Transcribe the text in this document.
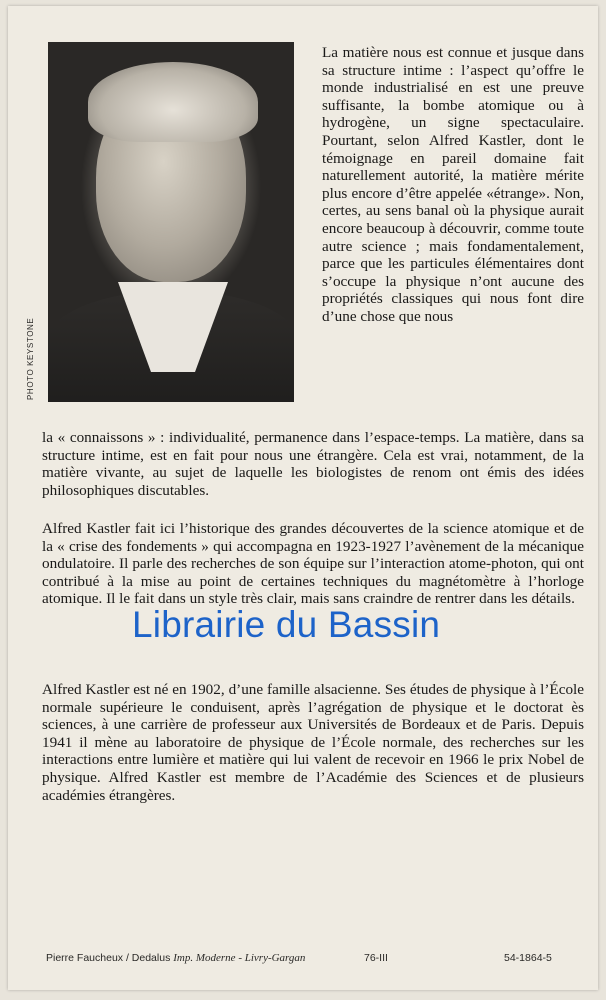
PHOTO KEYSTONE

La matière nous est connue et jusque dans sa structure intime : l’aspect qu’offre le monde industrialisé en est une preuve suffisante, la bombe atomique ou à hydrogène, un signe spectaculaire. Pourtant, selon Alfred Kastler, dont le témoignage en pareil domaine fait naturellement autorité, la matière mérite plus encore d’être appelée «étrange». Non, certes, au sens banal où la physique aurait encore beaucoup à découvrir, comme toute autre science ; mais fondamentalement, parce que les particules élémentaires dont s’occupe la physique n’ont aucune des propriétés classiques qui nous font dire d’une chose que nous

la « connaissons » : individualité, permanence dans l’espace-temps. La matière, dans sa structure intime, est en fait pour nous une étrangère. Cela est vrai, notamment, de la matière vivante, au sujet de laquelle les biologistes de renom ont émis des idées philosophiques discutables.

Alfred Kastler fait ici l’historique des grandes découvertes de la science atomique et de la « crise des fondements » qui accompagna en 1923-1927 l’avènement de la mécanique ondulatoire. Il parle des recherches de son équipe sur l’interaction atome-photon, qui ont contribué à la mise au point de certaines techniques du magnétomètre à l’horloge atomique. Il le fait dans un style très clair, mais sans craindre de rentrer dans les détails.

Alfred Kastler est né en 1902, d’une famille alsacienne. Ses études de physique à l’École normale supérieure le conduisent, après l’agrégation de physique et le doctorat ès sciences, à une carrière de professeur aux Universités de Bordeaux et de Paris. Depuis 1941 il mène au laboratoire de physique de l’École normale, des recherches sur les interactions entre lumière et matière qui lui valent de recevoir en 1966 le prix Nobel de physique. Alfred Kastler est membre de l’Académie des Sciences et de plusieurs académies étrangères.

Pierre Faucheux / Dedalus Imp. Moderne - Livry-Gargan	76-III	54-1864-5
Librairie du Bassin
